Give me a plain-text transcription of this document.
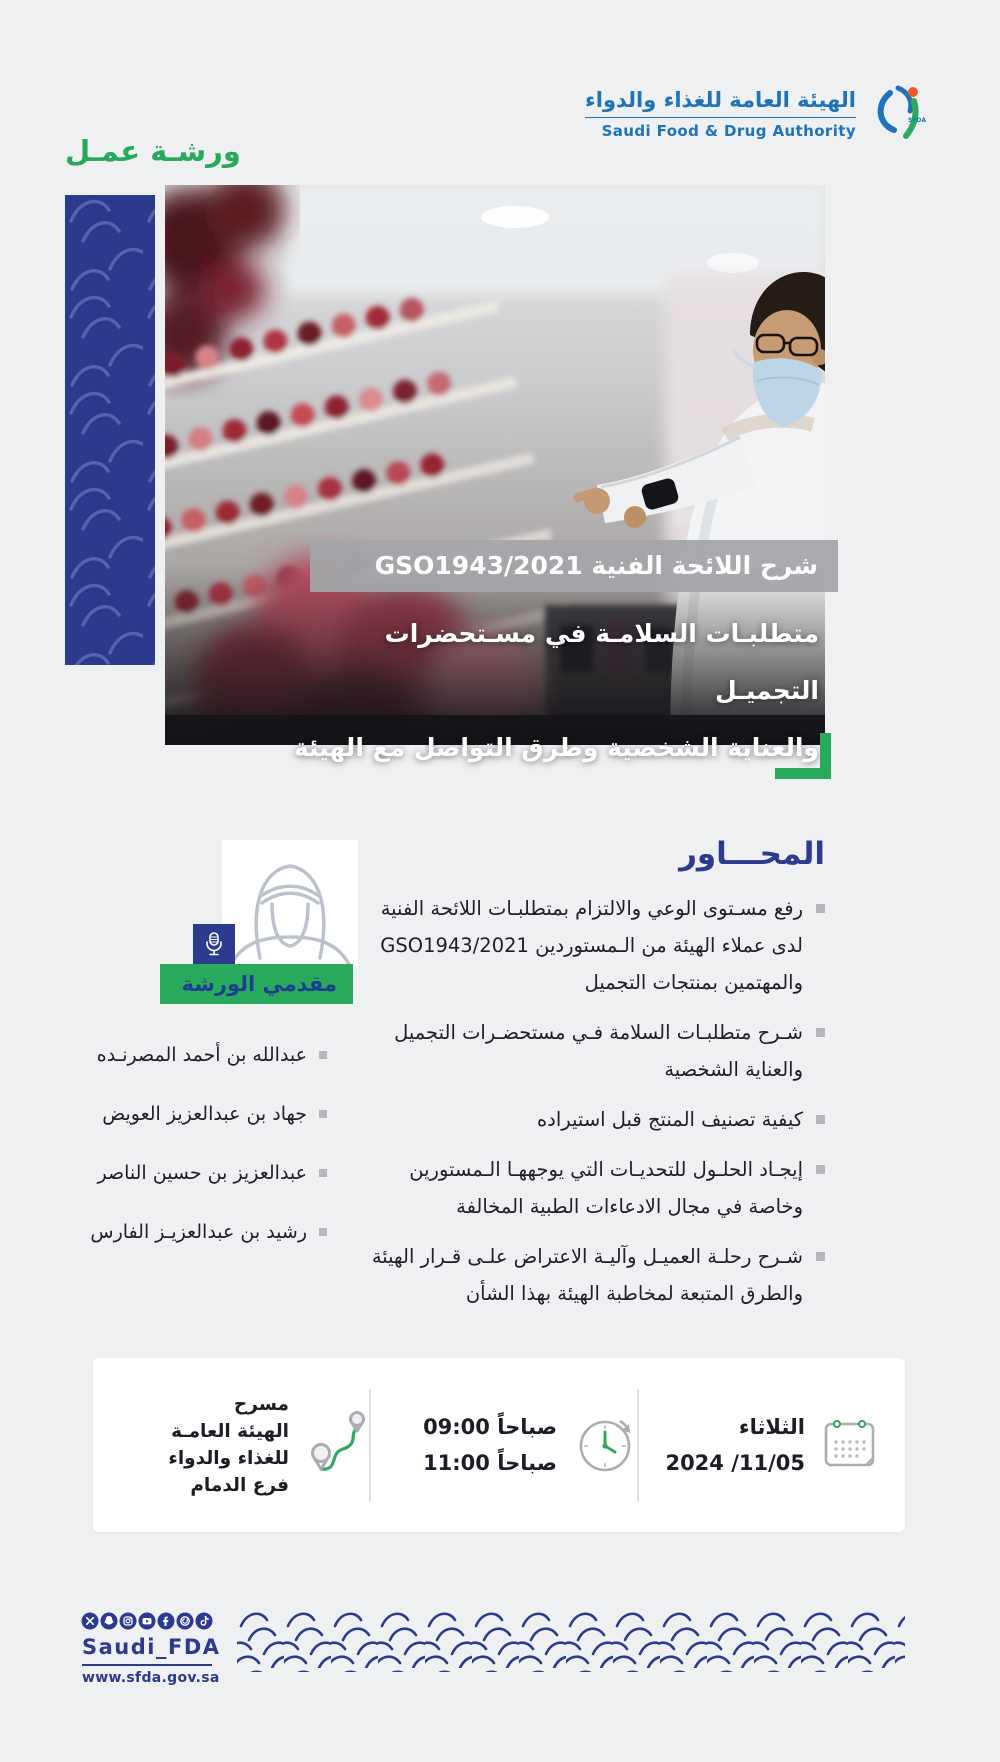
الهيئة العامة للغذاء والدواء
Saudi Food & Drug Authority
SFDA
ورشـة عمـل
شرح اللائحة الفنية GSO1943/2021
متطلبـات السلامـة في مسـتحضرات التجميـل
والعناية الشخصية وطرق التواصل مع الهيئة
المحـــاور
رفع مسـتوى الوعي والالتزام بمتطلبـات اللائحة الفنية
GSO1943/2021 لدى عملاء الهيئة من الـمستوردين
والمهتمين بمنتجات التجميل
شـرح متطلبـات السلامة فـي مستحضـرات التجميل
والعناية الشخصية
كيفية تصنيف المنتج قبل استيراده
إيجـاد الحلـول للتحديـات التي يوجههـا الـمستورين
وخاصة في مجال الادعاءات الطبية المخالفة
شـرح رحلـة العميـل وآليـة الاعتراض علـى قـرار الهيئة
والطرق المتبعة لمخاطبة الهيئة بهذا الشأن
مقدمي الورشة
عبدالله بن أحمد المصرنـده
جهاد بن عبدالعزيز العويض
عبدالعزيز بن حسين الناصر
رشيد بن عبدالعزيـز الفارس
الثلاثاء
2024 /11/05
09:00 صباحاً
11:00 صباحاً
مسرح
الهيئة العامـة
للغذاء والدواء
فرع الدمام
Saudi_FDA
www.sfda.gov.sa
